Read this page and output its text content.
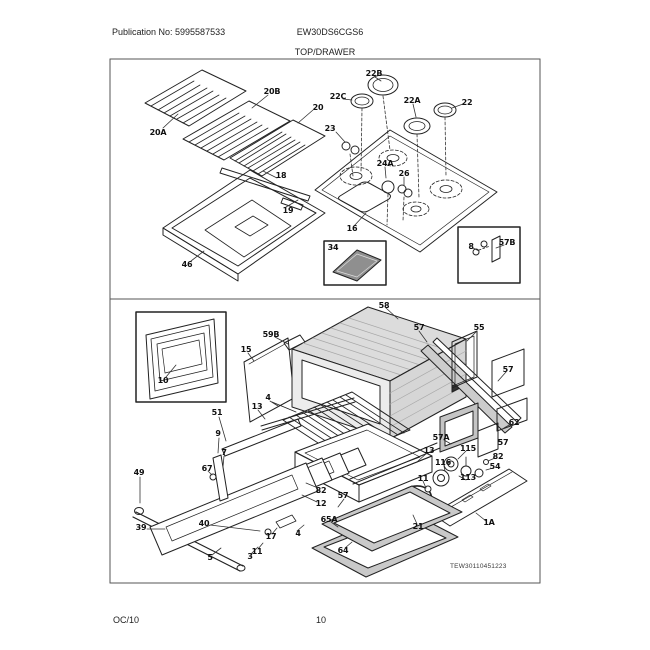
Publication No: 5995587533	EW30DS6CGS6
TOP/DRAWER
20A
20B
20
22B
22C	22A	22
23
24A
26
16
18
19
46
34
57B
8
10
51
15
59B
58
57
4
13
55
57
62
57A
57
82
54
115
116
113
13
1A
49
39	40
5	3
11
17 4
67
9
7
12
82
57
65A
64
21
11
TEW30110451223
OC/10	10
